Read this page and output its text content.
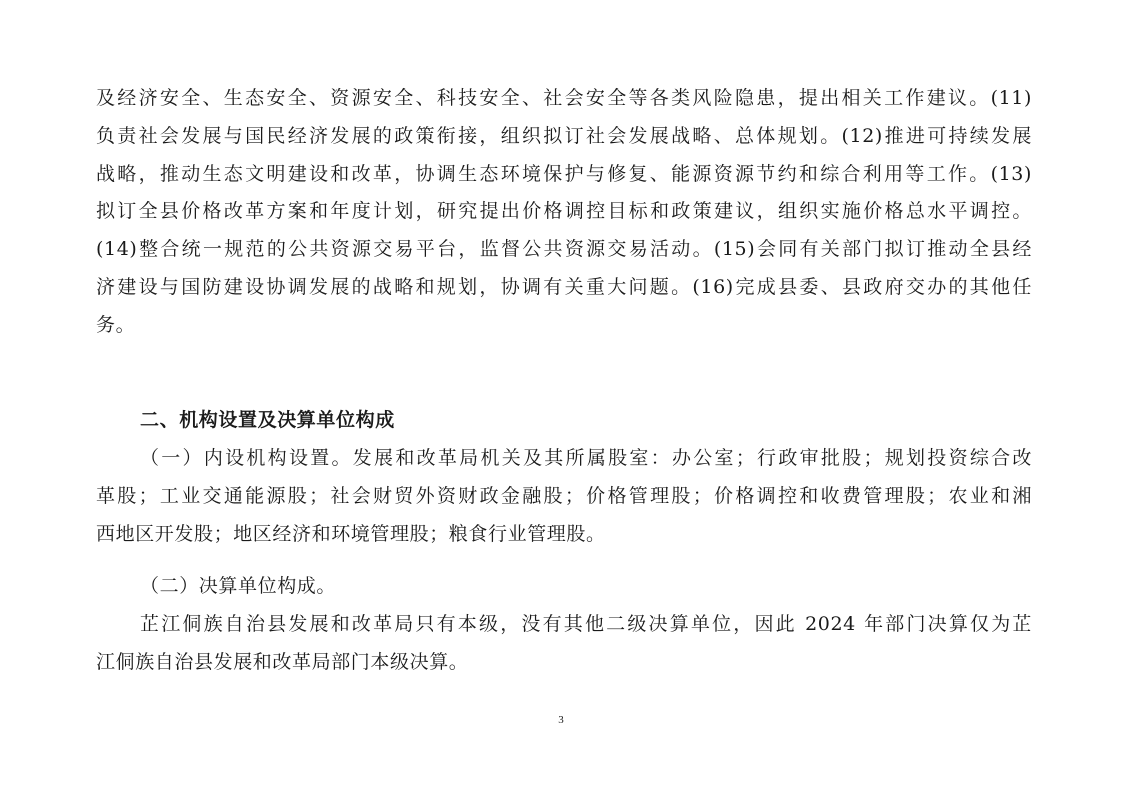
及经济安全、生态安全、资源安全、科技安全、社会安全等各类风险隐患，提出相关工作建议。(11)
负责社会发展与国民经济发展的政策衔接，组织拟订社会发展战略、总体规划。(12)推进可持续发展
战略，推动生态文明建设和改革，协调生态环境保护与修复、能源资源节约和综合利用等工作。(13)
拟订全县价格改革方案和年度计划，研究提出价格调控目标和政策建议，组织实施价格总水平调控。
(14)整合统一规范的公共资源交易平台，监督公共资源交易活动。(15)会同有关部门拟订推动全县经
济建设与国防建设协调发展的战略和规划，协调有关重大问题。(16)完成县委、县政府交办的其他任
务。
二、机构设置及决算单位构成
（一）内设机构设置。发展和改革局机关及其所属股室：办公室；行政审批股；规划投资综合改
革股；工业交通能源股；社会财贸外资财政金融股；价格管理股；价格调控和收费管理股；农业和湘
西地区开发股；地区经济和环境管理股；粮食行业管理股。
（二）决算单位构成。
芷江侗族自治县发展和改革局只有本级，没有其他二级决算单位，因此 2024 年部门决算仅为芷
江侗族自治县发展和改革局部门本级决算。
3
